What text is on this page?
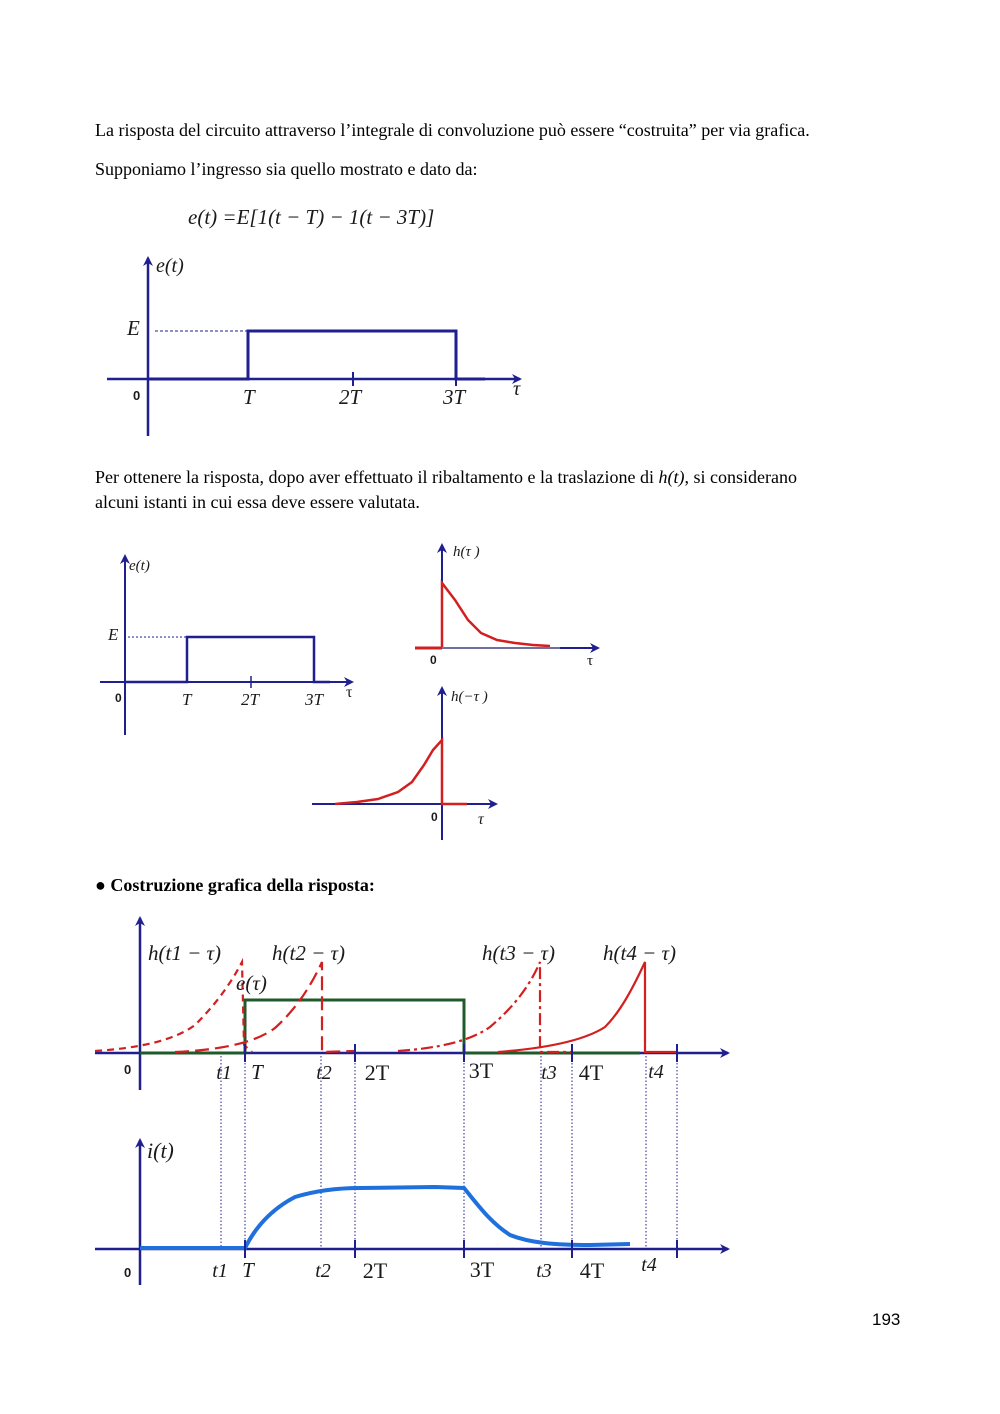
La risposta del circuito attraverso l’integrale di convoluzione può essere “costruita” per via grafica.

Supponiamo l’ingresso sia quello mostrato e dato da:

Per ottenere la risposta, dopo aver effettuato il ribaltamento e la traslazione di h(t), si considerano
alcuni istanti in cui essa deve essere valutata.

● Costruzione grafica della risposta:

193
e(t) =E[1(t − T) − 1(t − 3T)]
e(t)
E
0	T	2T	3T τ
e(t)
E
0	T	2T	3T τ
h(τ )
0	τ
h(−τ )
0	τ
h(t1 − τ) h(t2 − τ)	h(t3 − τ) h(t4 − τ)
e(τ)
0	t1 T	t2 2T	3T t3 4T t4
i(t)
0	t1 T	t2 2T	3T t3 4T t4
